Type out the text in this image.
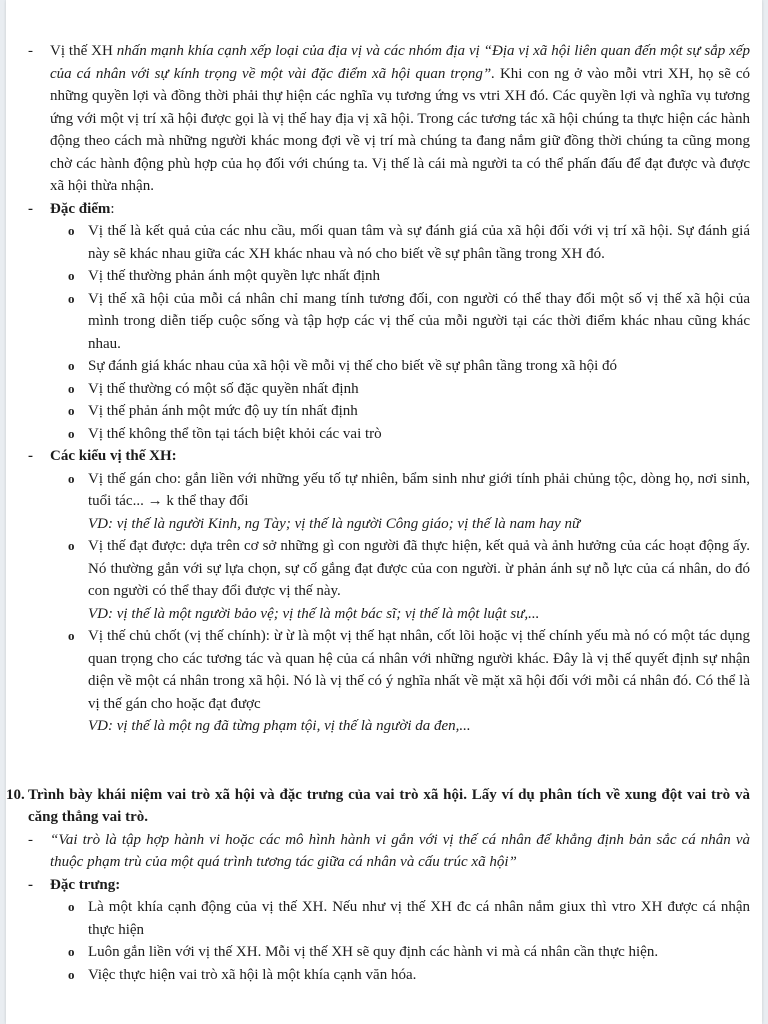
- Vị thế XH nhấn mạnh khía cạnh xếp loại của địa vị và các nhóm địa vị “Địa vị xã hội liên quan đến một sự sắp xếp của cá nhân với sự kính trọng về một vài đặc điểm xã hội quan trọng”. Khi con ng ở vào mỗi vtri XH, họ sẽ có những quyền lợi và đồng thời phải thự hiện các nghĩa vụ tương ứng vs vtri XH đó. Các quyền lợi và nghĩa vụ tương ứng với một vị trí xã hội được gọi là vị thế hay địa vị xã hội. Trong các tương tác xã hội chúng ta thực hiện các hành động theo cách mà những người khác mong đợi về vị trí mà chúng ta đang nắm giữ đồng thời chúng ta cũng mong chờ các hành động phù hợp của họ đối với chúng ta. Vị thế là cái mà người ta có thể phấn đấu để đạt được và được xã hội thừa nhận.

- Đặc điểm:

o Vị thế là kết quả của các nhu cầu, mối quan tâm và sự đánh giá của xã hội đối với vị trí xã hội. Sự đánh giá này sẽ khác nhau giữa các XH khác nhau và nó cho biết về sự phân tầng trong XH đó.

o Vị thế thường phản ánh một quyền lực nhất định

o Vị thế xã hội của mỗi cá nhân chỉ mang tính tương đối, con người có thể thay đổi một số vị thế xã hội của mình trong diễn tiếp cuộc sống và tập hợp các vị thế của mỗi người tại các thời điểm khác nhau cũng khác nhau.

o Sự đánh giá khác nhau của xã hội về mỗi vị thế cho biết về sự phân tầng trong xã hội đó

o Vị thế thường có một số đặc quyền nhất định

o Vị thế phản ánh một mức độ uy tín nhất định

o Vị thế không thể tồn tại tách biệt khỏi các vai trò

- Các kiểu vị thế XH:

o Vị thế gán cho: gắn liền với những yếu tố tự nhiên, bẩm sinh như giới tính phải chủng tộc, dòng họ, nơi sinh, tuổi tác... → k thể thay đổi

VD: vị thế là người Kinh, ng Tày; vị thế là người Công giáo; vị thế là nam hay nữ

o Vị thế đạt được: dựa trên cơ sở những gì con người đã thực hiện, kết quả và ảnh hưởng của các hoạt động ấy. Nó thường gắn với sự lựa chọn, sự cố gắng đạt được của con người. ừ phản ánh sự nỗ lực của cá nhân, do đó con người có thể thay đổi được vị thế này.

VD: vị thế là một người bảo vệ; vị thế là một bác sĩ; vị thế là một luật sư,...

o Vị thế chủ chốt (vị thế chính): ừ ừ là một vị thế hạt nhân, cốt lõi hoặc vị thế chính yếu mà nó có một tác dụng quan trọng cho các tương tác và quan hệ của cá nhân với những người khác. Đây là vị thế quyết định sự nhận diện về một cá nhân trong xã hội. Nó là vị thế có ý nghĩa nhất về mặt xã hội đối với mỗi cá nhân đó. Có thể là vị thế gán cho hoặc đạt được

VD: vị thế là một ng đã từng phạm tội, vị thế là người da đen,...

10. Trình bày khái niệm vai trò xã hội và đặc trưng của vai trò xã hội. Lấy ví dụ phân tích về xung đột vai trò và căng thẳng vai trò.

- “Vai trò là tập hợp hành vi hoặc các mô hình hành vi gắn với vị thế cá nhân để khẳng định bản sắc cá nhân và thuộc phạm trù của một quá trình tương tác giữa cá nhân và cấu trúc xã hội”

- Đặc trưng:

o Là một khía cạnh động của vị thế XH. Nếu như vị thế XH đc cá nhân nắm giux thì vtro XH được cá nhận thực hiện

o Luôn gắn liền với vị thế XH. Mỗi vị thế XH sẽ quy định các hành vi mà cá nhân cần thực hiện.

o Việc thực hiện vai trò xã hội là một khía cạnh văn hóa.
